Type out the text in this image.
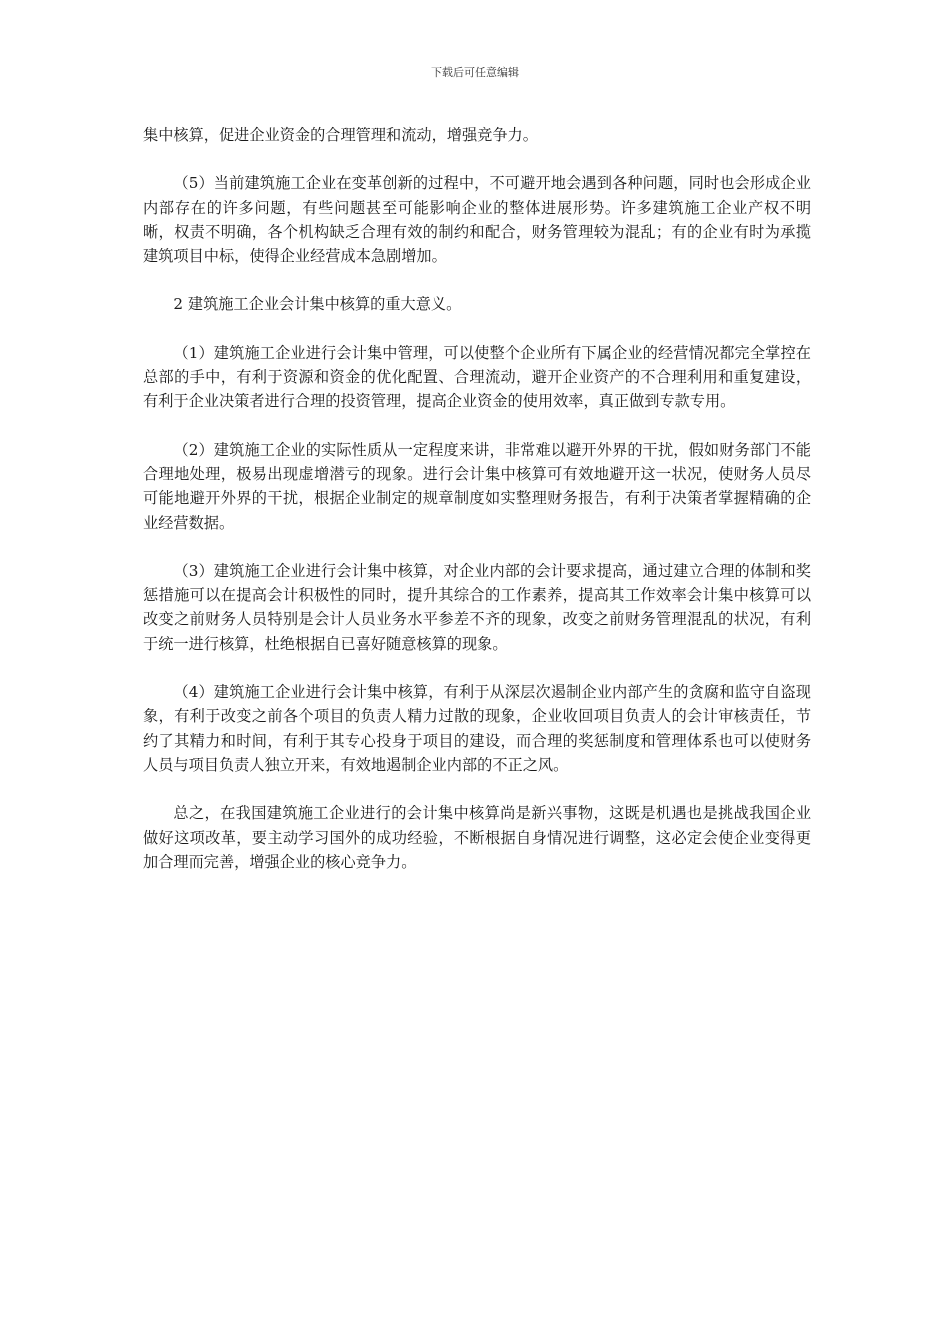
下载后可任意编辑

集中核算，促进企业资金的合理管理和流动，增强竞争力。

（5）当前建筑施工企业在变革创新的过程中，不可避开地会遇到各种问题，同时也会形成企业内部存在的许多问题，有些问题甚至可能影响企业的整体进展形势。许多建筑施工企业产权不明晰，权责不明确，各个机构缺乏合理有效的制约和配合，财务管理较为混乱；有的企业有时为承揽建筑项目中标，使得企业经营成本急剧增加。

2 建筑施工企业会计集中核算的重大意义。

（1）建筑施工企业进行会计集中管理，可以使整个企业所有下属企业的经营情况都完全掌控在总部的手中，有利于资源和资金的优化配置、合理流动，避开企业资产的不合理利用和重复建设，有利于企业决策者进行合理的投资管理，提高企业资金的使用效率，真正做到专款专用。

（2）建筑施工企业的实际性质从一定程度来讲，非常难以避开外界的干扰，假如财务部门不能合理地处理，极易出现虚增潜亏的现象。进行会计集中核算可有效地避开这一状况，使财务人员尽可能地避开外界的干扰，根据企业制定的规章制度如实整理财务报告，有利于决策者掌握精确的企业经营数据。

（3）建筑施工企业进行会计集中核算，对企业内部的会计要求提高，通过建立合理的体制和奖惩措施可以在提高会计积极性的同时，提升其综合的工作素养，提高其工作效率会计集中核算可以改变之前财务人员特别是会计人员业务水平参差不齐的现象，改变之前财务管理混乱的状况，有利于统一进行核算，杜绝根据自已喜好随意核算的现象。

（4）建筑施工企业进行会计集中核算，有利于从深层次遏制企业内部产生的贪腐和监守自盗现象，有利于改变之前各个项目的负责人精力过散的现象，企业收回项目负责人的会计审核责任，节约了其精力和时间，有利于其专心投身于项目的建设，而合理的奖惩制度和管理体系也可以使财务人员与项目负责人独立开来，有效地遏制企业内部的不正之风。

总之，在我国建筑施工企业进行的会计集中核算尚是新兴事物，这既是机遇也是挑战我国企业做好这项改革，要主动学习国外的成功经验，不断根据自身情况进行调整，这必定会使企业变得更加合理而完善，增强企业的核心竞争力。
